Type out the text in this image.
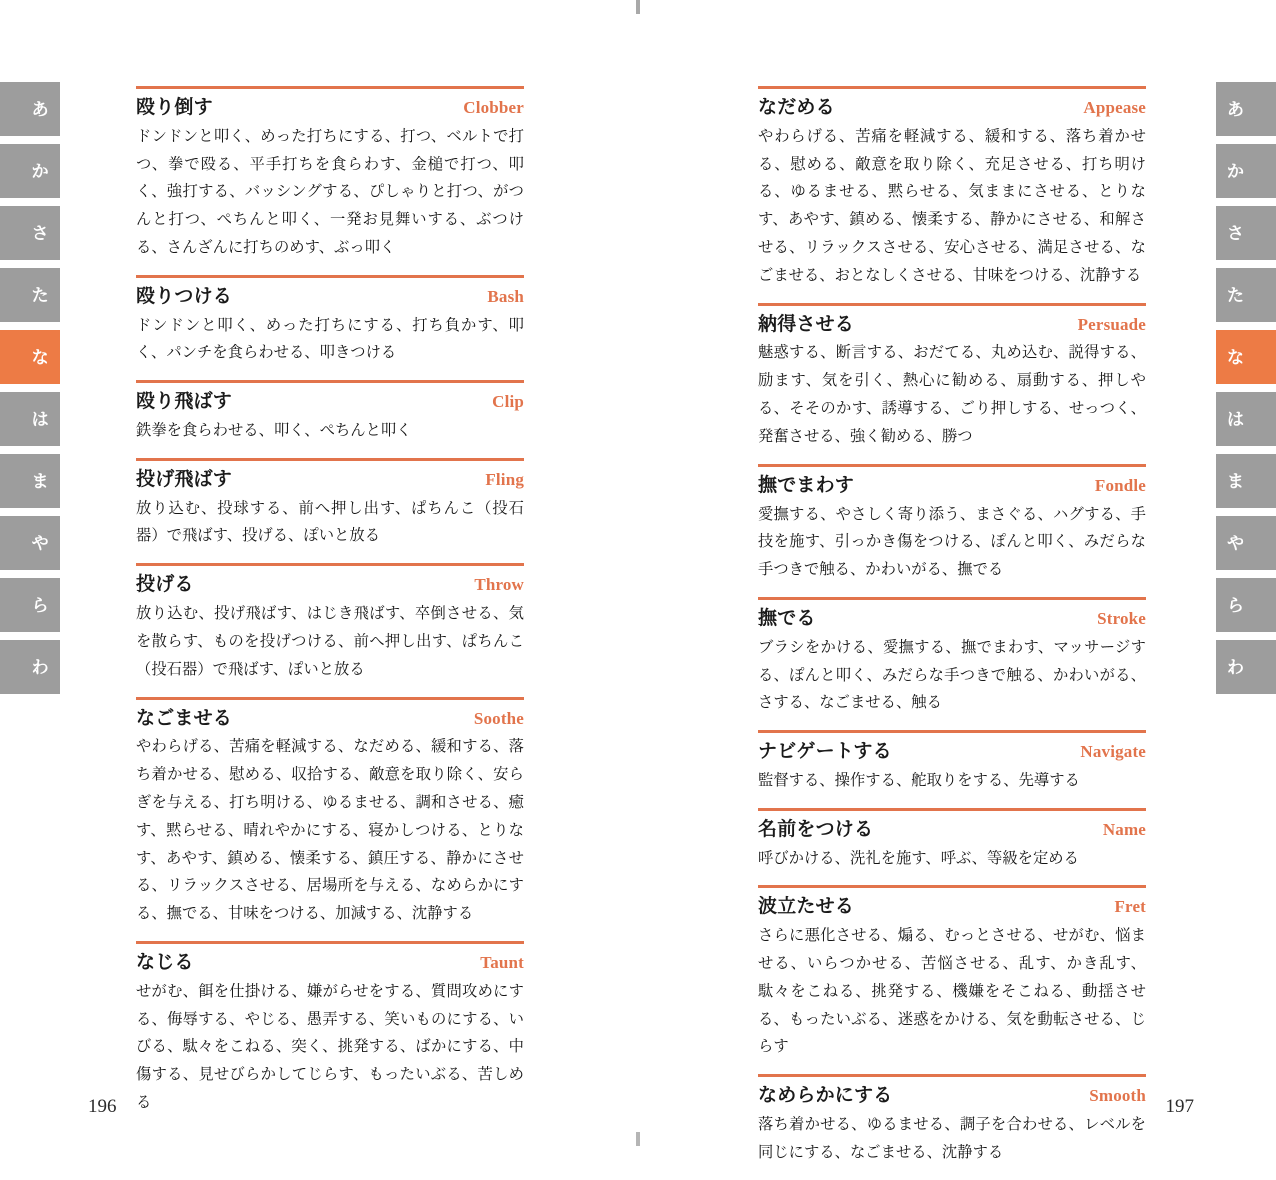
あ
か
さ
た
な
は
ま
や
ら
わ
あ
か
さ
た
な
は
ま
や
ら
わ
殴り倒す	Clobber

ドンドンと叩く、めった打ちにする、打つ、ベルトで打つ、拳で殴る、平手打ちを食らわす、金槌で打つ、叩く、強打する、バッシングする、ぴしゃりと打つ、がつんと打つ、ぺちんと叩く、一発お見舞いする、ぶつける、さんざんに打ちのめす、ぶっ叩く

殴りつける	Bash

ドンドンと叩く、めった打ちにする、打ち負かす、叩く、パンチを食らわせる、叩きつける

殴り飛ばす	Clip

鉄拳を食らわせる、叩く、ぺちんと叩く

投げ飛ばす	Fling

放り込む、投球する、前へ押し出す、ぱちんこ（投石器）で飛ばす、投げる、ぽいと放る

投げる	Throw

放り込む、投げ飛ばす、はじき飛ばす、卒倒させる、気を散らす、ものを投げつける、前へ押し出す、ぱちんこ（投石器）で飛ばす、ぽいと放る

なごませる	Soothe

やわらげる、苦痛を軽減する、なだめる、緩和する、落ち着かせる、慰める、収拾する、敵意を取り除く、安らぎを与える、打ち明ける、ゆるませる、調和させる、癒す、黙らせる、晴れやかにする、寝かしつける、とりなす、あやす、鎮める、懐柔する、鎮圧する、静かにさせる、リラックスさせる、居場所を与える、なめらかにする、撫でる、甘味をつける、加減する、沈静する

なじる	Taunt

せがむ、餌を仕掛ける、嫌がらせをする、質問攻めにする、侮辱する、やじる、愚弄する、笑いものにする、いびる、駄々をこねる、突く、挑発する、ばかにする、中傷する、見せびらかしてじらす、もったいぶる、苦しめる

なだめる	Appease

やわらげる、苦痛を軽減する、緩和する、落ち着かせる、慰める、敵意を取り除く、充足させる、打ち明ける、ゆるませる、黙らせる、気ままにさせる、とりなす、あやす、鎮める、懐柔する、静かにさせる、和解させる、リラックスさせる、安心させる、満足させる、なごませる、おとなしくさせる、甘味をつける、沈静する

納得させる	Persuade

魅惑する、断言する、おだてる、丸め込む、説得する、励ます、気を引く、熱心に勧める、扇動する、押しやる、そそのかす、誘導する、ごり押しする、せっつく、発奮させる、強く勧める、勝つ

撫でまわす	Fondle

愛撫する、やさしく寄り添う、まさぐる、ハグする、手技を施す、引っかき傷をつける、ぽんと叩く、みだらな手つきで触る、かわいがる、撫でる

撫でる	Stroke

ブラシをかける、愛撫する、撫でまわす、マッサージする、ぽんと叩く、みだらな手つきで触る、かわいがる、さする、なごませる、触る

ナビゲートする	Navigate

監督する、操作する、舵取りをする、先導する

名前をつける	Name

呼びかける、洗礼を施す、呼ぶ、等級を定める

波立たせる	Fret

さらに悪化させる、煽る、むっとさせる、せがむ、悩ませる、いらつかせる、苦悩させる、乱す、かき乱す、駄々をこねる、挑発する、機嫌をそこねる、動揺させる、もったいぶる、迷惑をかける、気を動転させる、じらす

なめらかにする	Smooth

落ち着かせる、ゆるませる、調子を合わせる、レベルを同じにする、なごませる、沈静する

196	197
